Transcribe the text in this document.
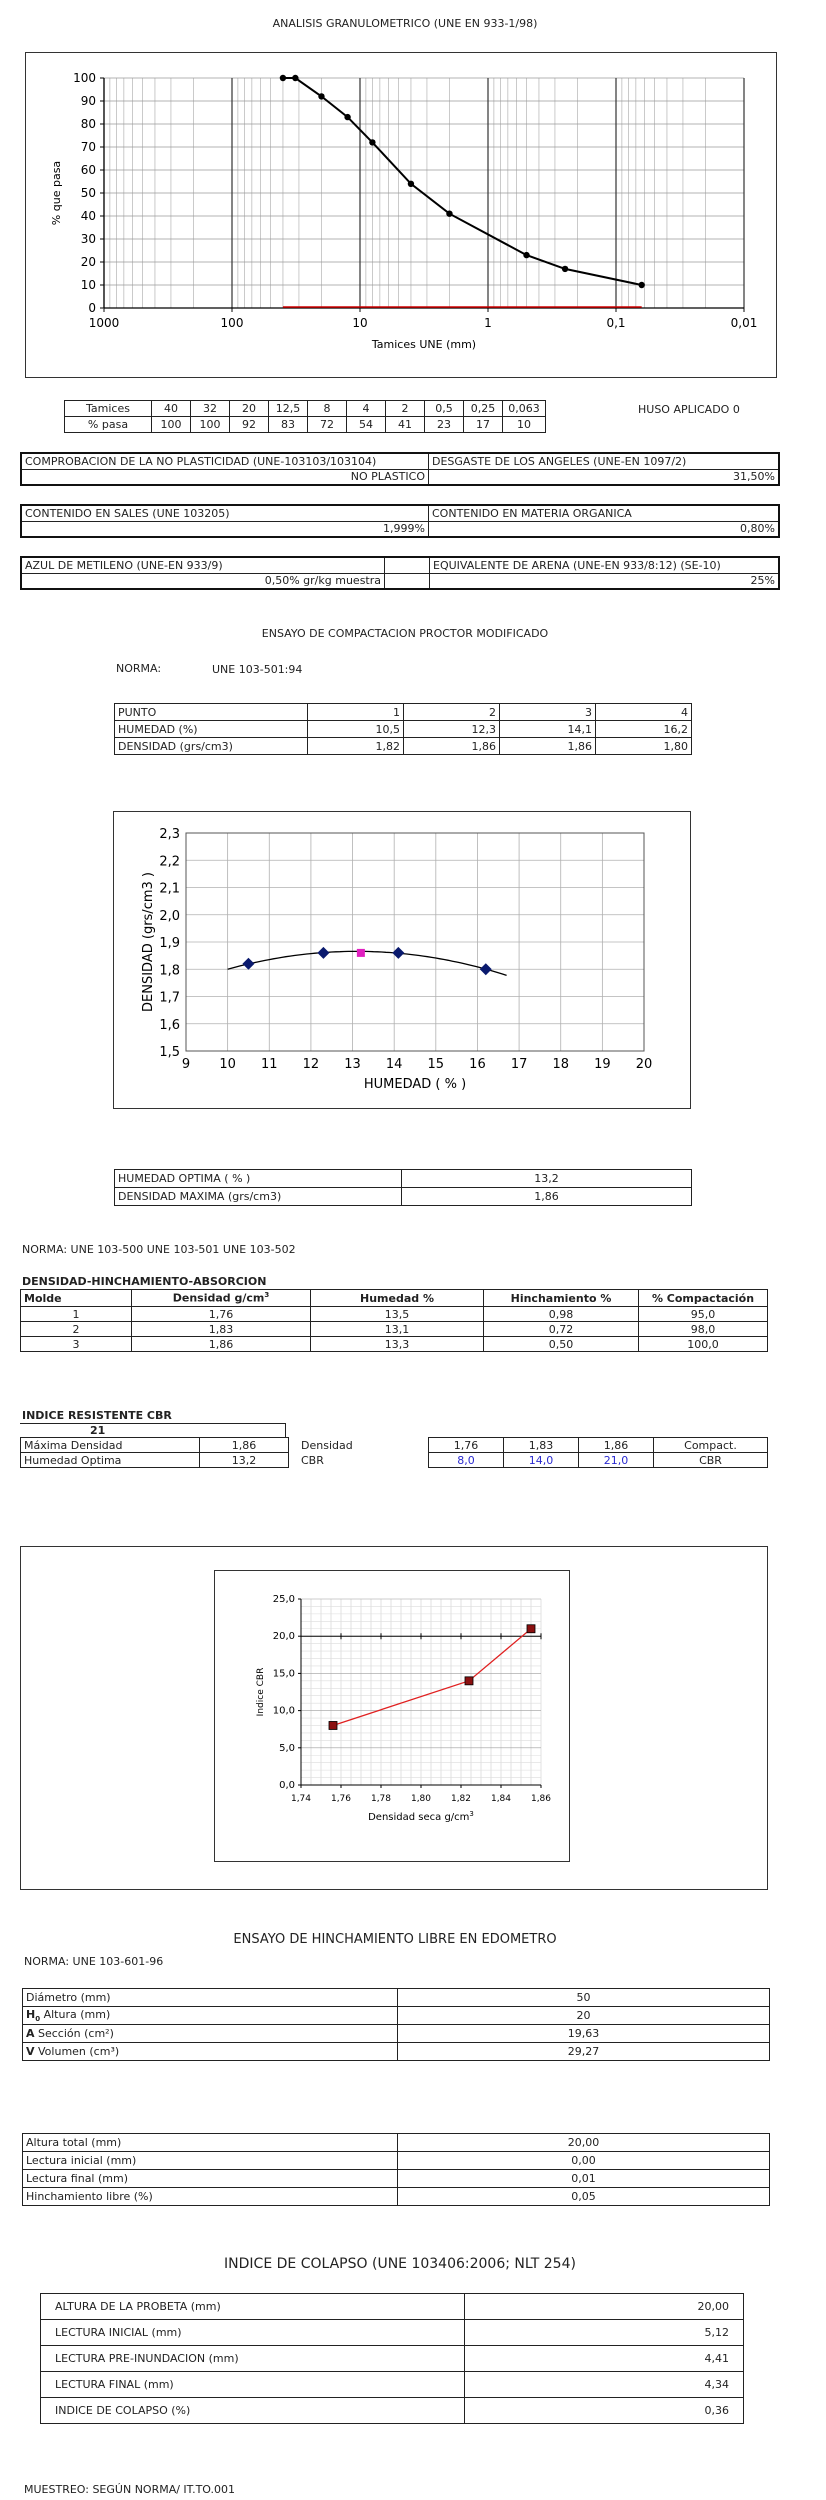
ANALISIS GRANULOMETRICO (UNE EN 933-1/98)
0
10
20
30
40
50
60
70
80
90
100
1000	100	10	1	0,1	0,01
Tamices UNE (mm)
% que pasa
Tamices	40	32	20	12,5	8	4	2	0,5	0,25	0,063
% pasa	100	100	92	83	72	54	41	23	17	10
HUSO APLICADO 0
COMPROBACION DE LA NO PLASTICIDAD (UNE-103103/103104)	DESGASTE DE LOS ANGELES (UNE-EN 1097/2)
NO PLASTICO	31,50%
CONTENIDO EN SALES (UNE 103205)	CONTENIDO EN MATERIA ORGANICA
1,999%	0,80%
AZUL DE METILENO (UNE-EN 933/9)		EQUIVALENTE DE ARENA (UNE-EN 933/8:12) (SE-10)
0,50% gr/kg muestra		25%
ENSAYO DE COMPACTACION PROCTOR MODIFICADO
NORMA:	UNE 103-501:94
PUNTO	1	2	3	4
HUMEDAD (%)	10,5	12,3	14,1	16,2
DENSIDAD (grs/cm3)	1,82	1,86	1,86	1,80
9 10 11 12 13 14 15 16 17 18 19 20
1,5
1,6
1,7
1,8
1,9
2,0
2,1
2,2
2,3
HUMEDAD ( % )
DENSIDAD (grs/cm3 )
HUMEDAD OPTIMA ( % )	13,2
DENSIDAD MAXIMA (grs/cm3)	1,86
NORMA: UNE 103-500 UNE 103-501 UNE 103-502
DENSIDAD-HINCHAMIENTO-ABSORCION
Molde	Densidad $g/cm^3$	Humedad %	Hinchamiento %	% Compactación
1	1,76	13,5	0,98	95,0
2	1,83	13,1	0,72	98,0
3	1,86	13,3	0,50	100,0
INDICE RESISTENTE CBR
21
Máxima Densidad	1,86	Densidad	1,76	1,83	1,86	Compact.
Humedad Optima	13,2	CBR	8,0	14,0	21,0	CBR
1,74 1,76 1,78 1,80 1,82 1,84 1,86
0,0
5,0
10,0
15,0
20,0
25,0
Densidad seca $g/cm^3$
Indice CBR
ENSAYO DE HINCHAMIENTO LIBRE EN EDOMETRO
NORMA: UNE 103-601-96
Diámetro (mm)	50
$H_0$ Altura (mm)	20
A Sección (cm²)	19,63
V Volumen (cm³)	29,27
Altura total (mm)	20,00
Lectura inicial (mm)	0,00
Lectura final (mm)	0,01
Hinchamiento libre (%)	0,05
INDICE DE COLAPSO (UNE 103406:2006; NLT 254)
ALTURA DE LA PROBETA (mm)	20,00
LECTURA INICIAL (mm)	5,12
LECTURA PRE-INUNDACION (mm)	4,41
LECTURA FINAL (mm)	4,34
INDICE DE COLAPSO (%)	0,36
MUESTREO: SEGÚN NORMA/ IT.TO.001
